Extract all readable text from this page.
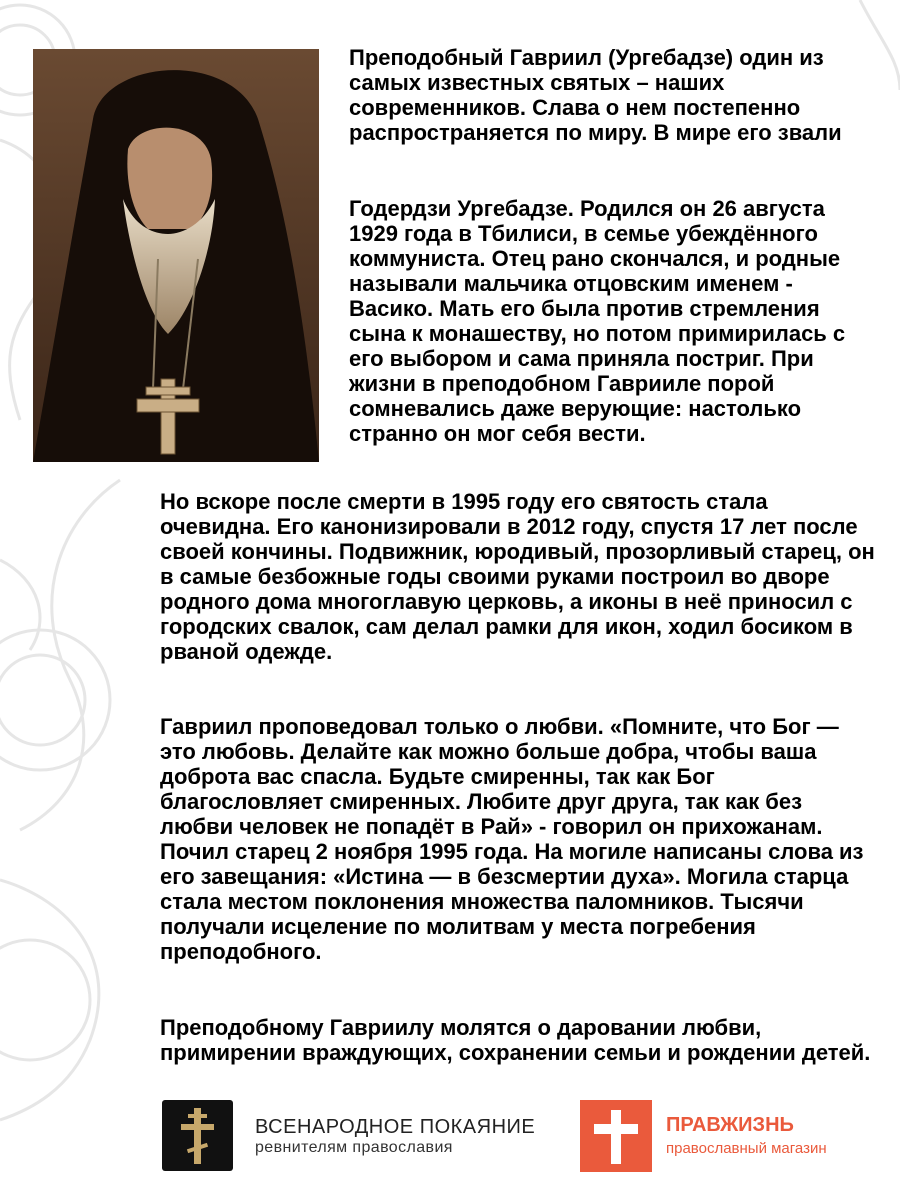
Преподобный Гавриил (Ургебадзе) один из самых известных святых – наших современников. Слава о нем постепенно распространяется по миру. В мире его звали

Годердзи Ургебадзе. Родился он 26 августа 1929 года в Тбилиси, в семье убеждённого коммуниста. Отец рано скончался, и родные называли мальчика отцовским именем - Васико. Мать его была против стремления сына к монашеству, но потом примирилась с его выбором и сама приняла постриг. При жизни в преподобном Гаврииле порой сомневались даже верующие: настолько странно он мог себя вести.

Но вскоре после смерти в 1995 году его святость стала очевидна. Его канонизировали в 2012 году, спустя 17 лет после своей кончины. Подвижник, юродивый, прозорливый старец, он в самые безбожные годы своими руками построил во дворе родного дома многоглавую церковь, а иконы в неё приносил с городских свалок, сам делал рамки для икон, ходил босиком в рваной одежде.

Гавриил проповедовал только о любви. «Помните, что Бог — это любовь. Делайте как можно больше добра, чтобы ваша доброта вас спасла. Будьте смиренны, так как Бог благословляет смиренных. Любите друг друга, так как без любви человек не попадёт в Рай» - говорил он прихожанам. Почил старец 2 ноября 1995 года. На могиле написаны слова из его завещания: «Истина — в безсмертии духа». Могила старца стала местом поклонения множества паломников. Тысячи получали исцеление по молитвам у места погребения преподобного.

Преподобному Гавриилу молятся о даровании любви, примирении враждующих, сохранении семьи и рождении детей.

ВСЕНАРОДНОЕ ПОКАЯНИЕ
ревнителям православия
ПРАВЖИЗНЬ
православный магазин
